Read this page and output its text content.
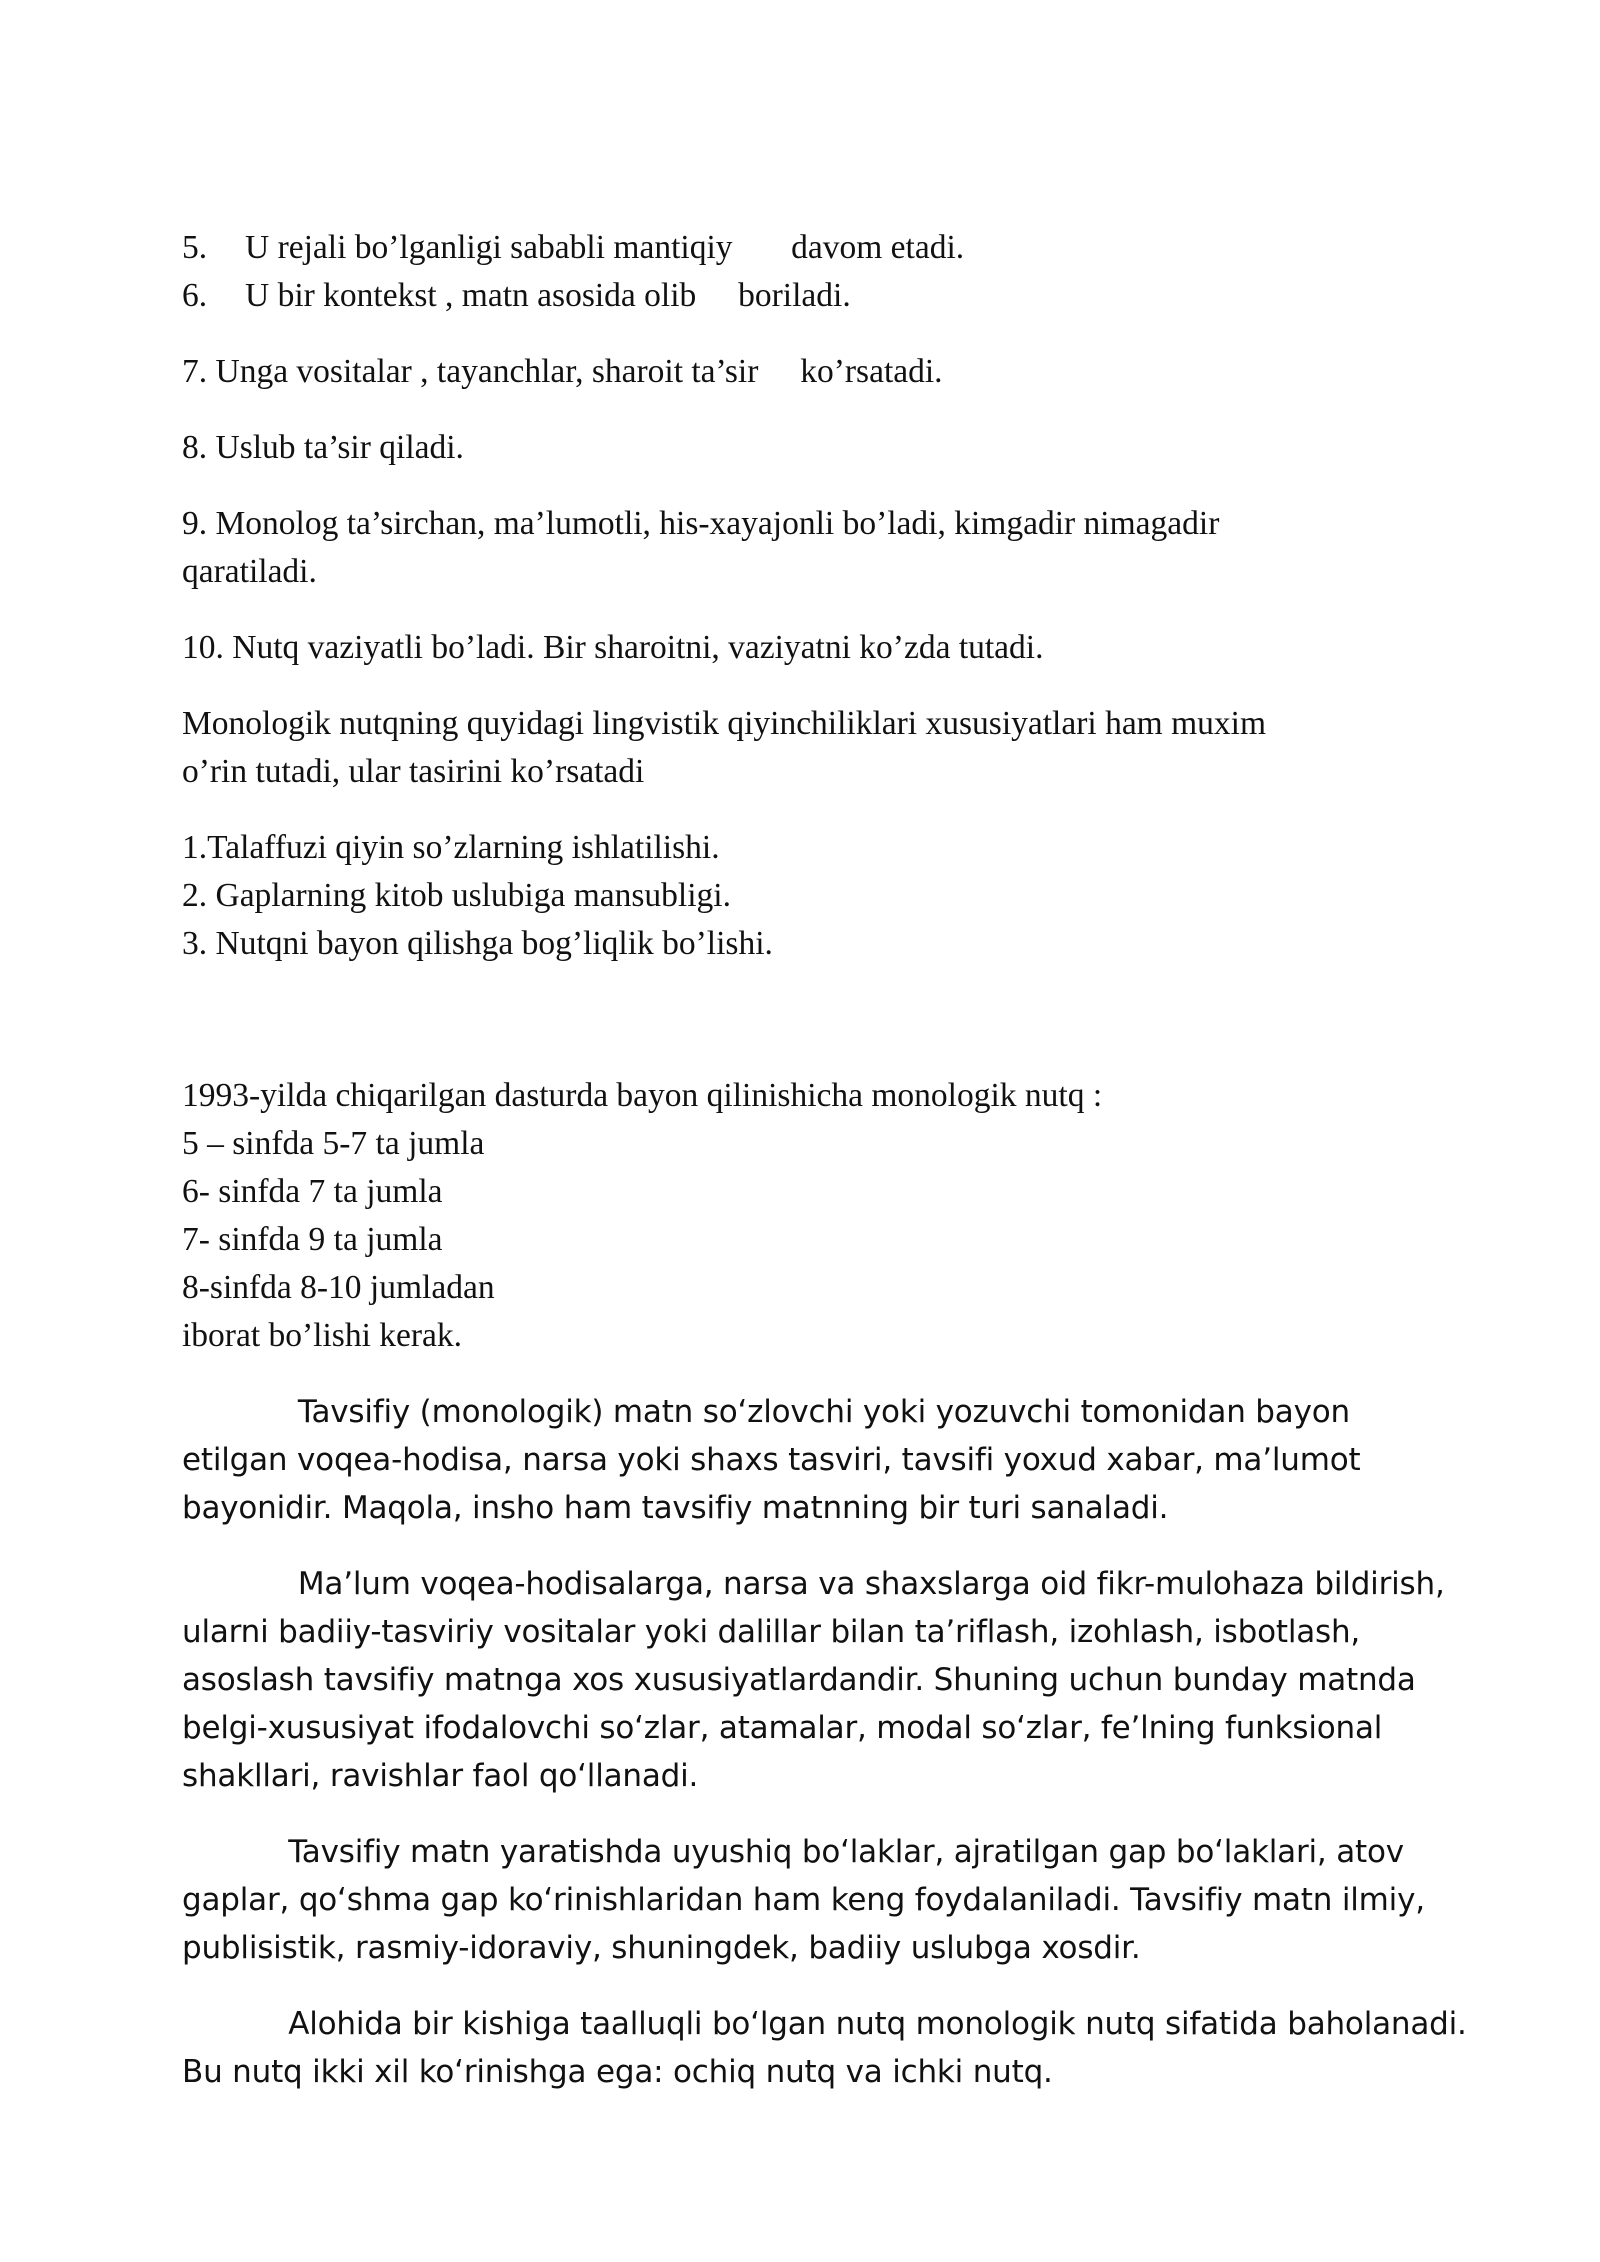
5. U rejali bo’lganligi sababli mantiqiy       davom etadi.
6. U bir kontekst , matn asosida olib     boriladi.
7. Unga vositalar , tayanchlar, sharoit ta’sir     ko’rsatadi.
8. Uslub ta’sir qiladi.
9. Monolog ta’sirchan, ma’lumotli, his-xayajonli bo’ladi, kimgadir nimagadir
qaratiladi.
10. Nutq vaziyatli bo’ladi. Bir sharoitni, vaziyatni ko’zda tutadi.
Monologik nutqning quyidagi lingvistik qiyinchiliklari xususiyatlari ham muxim
o’rin tutadi, ular tasirini ko’rsatadi
1.Talaffuzi qiyin so’zlarning ishlatilishi.
2. Gaplarning kitob uslubiga mansubligi.
3. Nutqni bayon qilishga bog’liqlik bo’lishi.
1993-yilda chiqarilgan dasturda bayon qilinishicha monologik nutq :
5 – sinfda 5-7 ta jumla
6- sinfda 7 ta jumla
7- sinfda 9 ta jumla
8-sinfda 8-10 jumladan
iborat bo’lishi kerak.
Tavsifiy (monologik) matn so‘zlovchi yoki yozuvchi tomonidan bayon
etilgan voqea-hodisa, narsa yoki shaxs tasviri, tavsifi yoxud xabar, ma’lumot
bayonidir. Maqola, insho ham tavsifiy matnning bir turi sanaladi.
Ma’lum voqea-hodisalarga, narsa va shaxslarga oid fikr-mulohaza bildirish,
ularni badiiy-tasviriy vositalar yoki dalillar bilan ta’riflash, izohlash, isbotlash,
asoslash tavsifiy matnga xos xususiyatlardandir. Shuning uchun bunday matnda
belgi-xususiyat ifodalovchi so‘zlar, atamalar, modal so‘zlar, fe’lning funksional
shakllari, ravishlar faol qo‘llanadi.
Tavsifiy matn yaratishda uyushiq bo‘laklar, ajratilgan gap bo‘laklari, atov
gaplar, qo‘shma gap ko‘rinishlaridan ham keng foydalaniladi. Tavsifiy matn ilmiy,
publisistik, rasmiy-idoraviy, shuningdek, badiiy uslubga xosdir.
Alohida bir kishiga taalluqli bo‘lgan nutq monologik nutq sifatida baholanadi.
Bu nutq ikki xil ko‘rinishga ega: ochiq nutq va ichki nutq.
